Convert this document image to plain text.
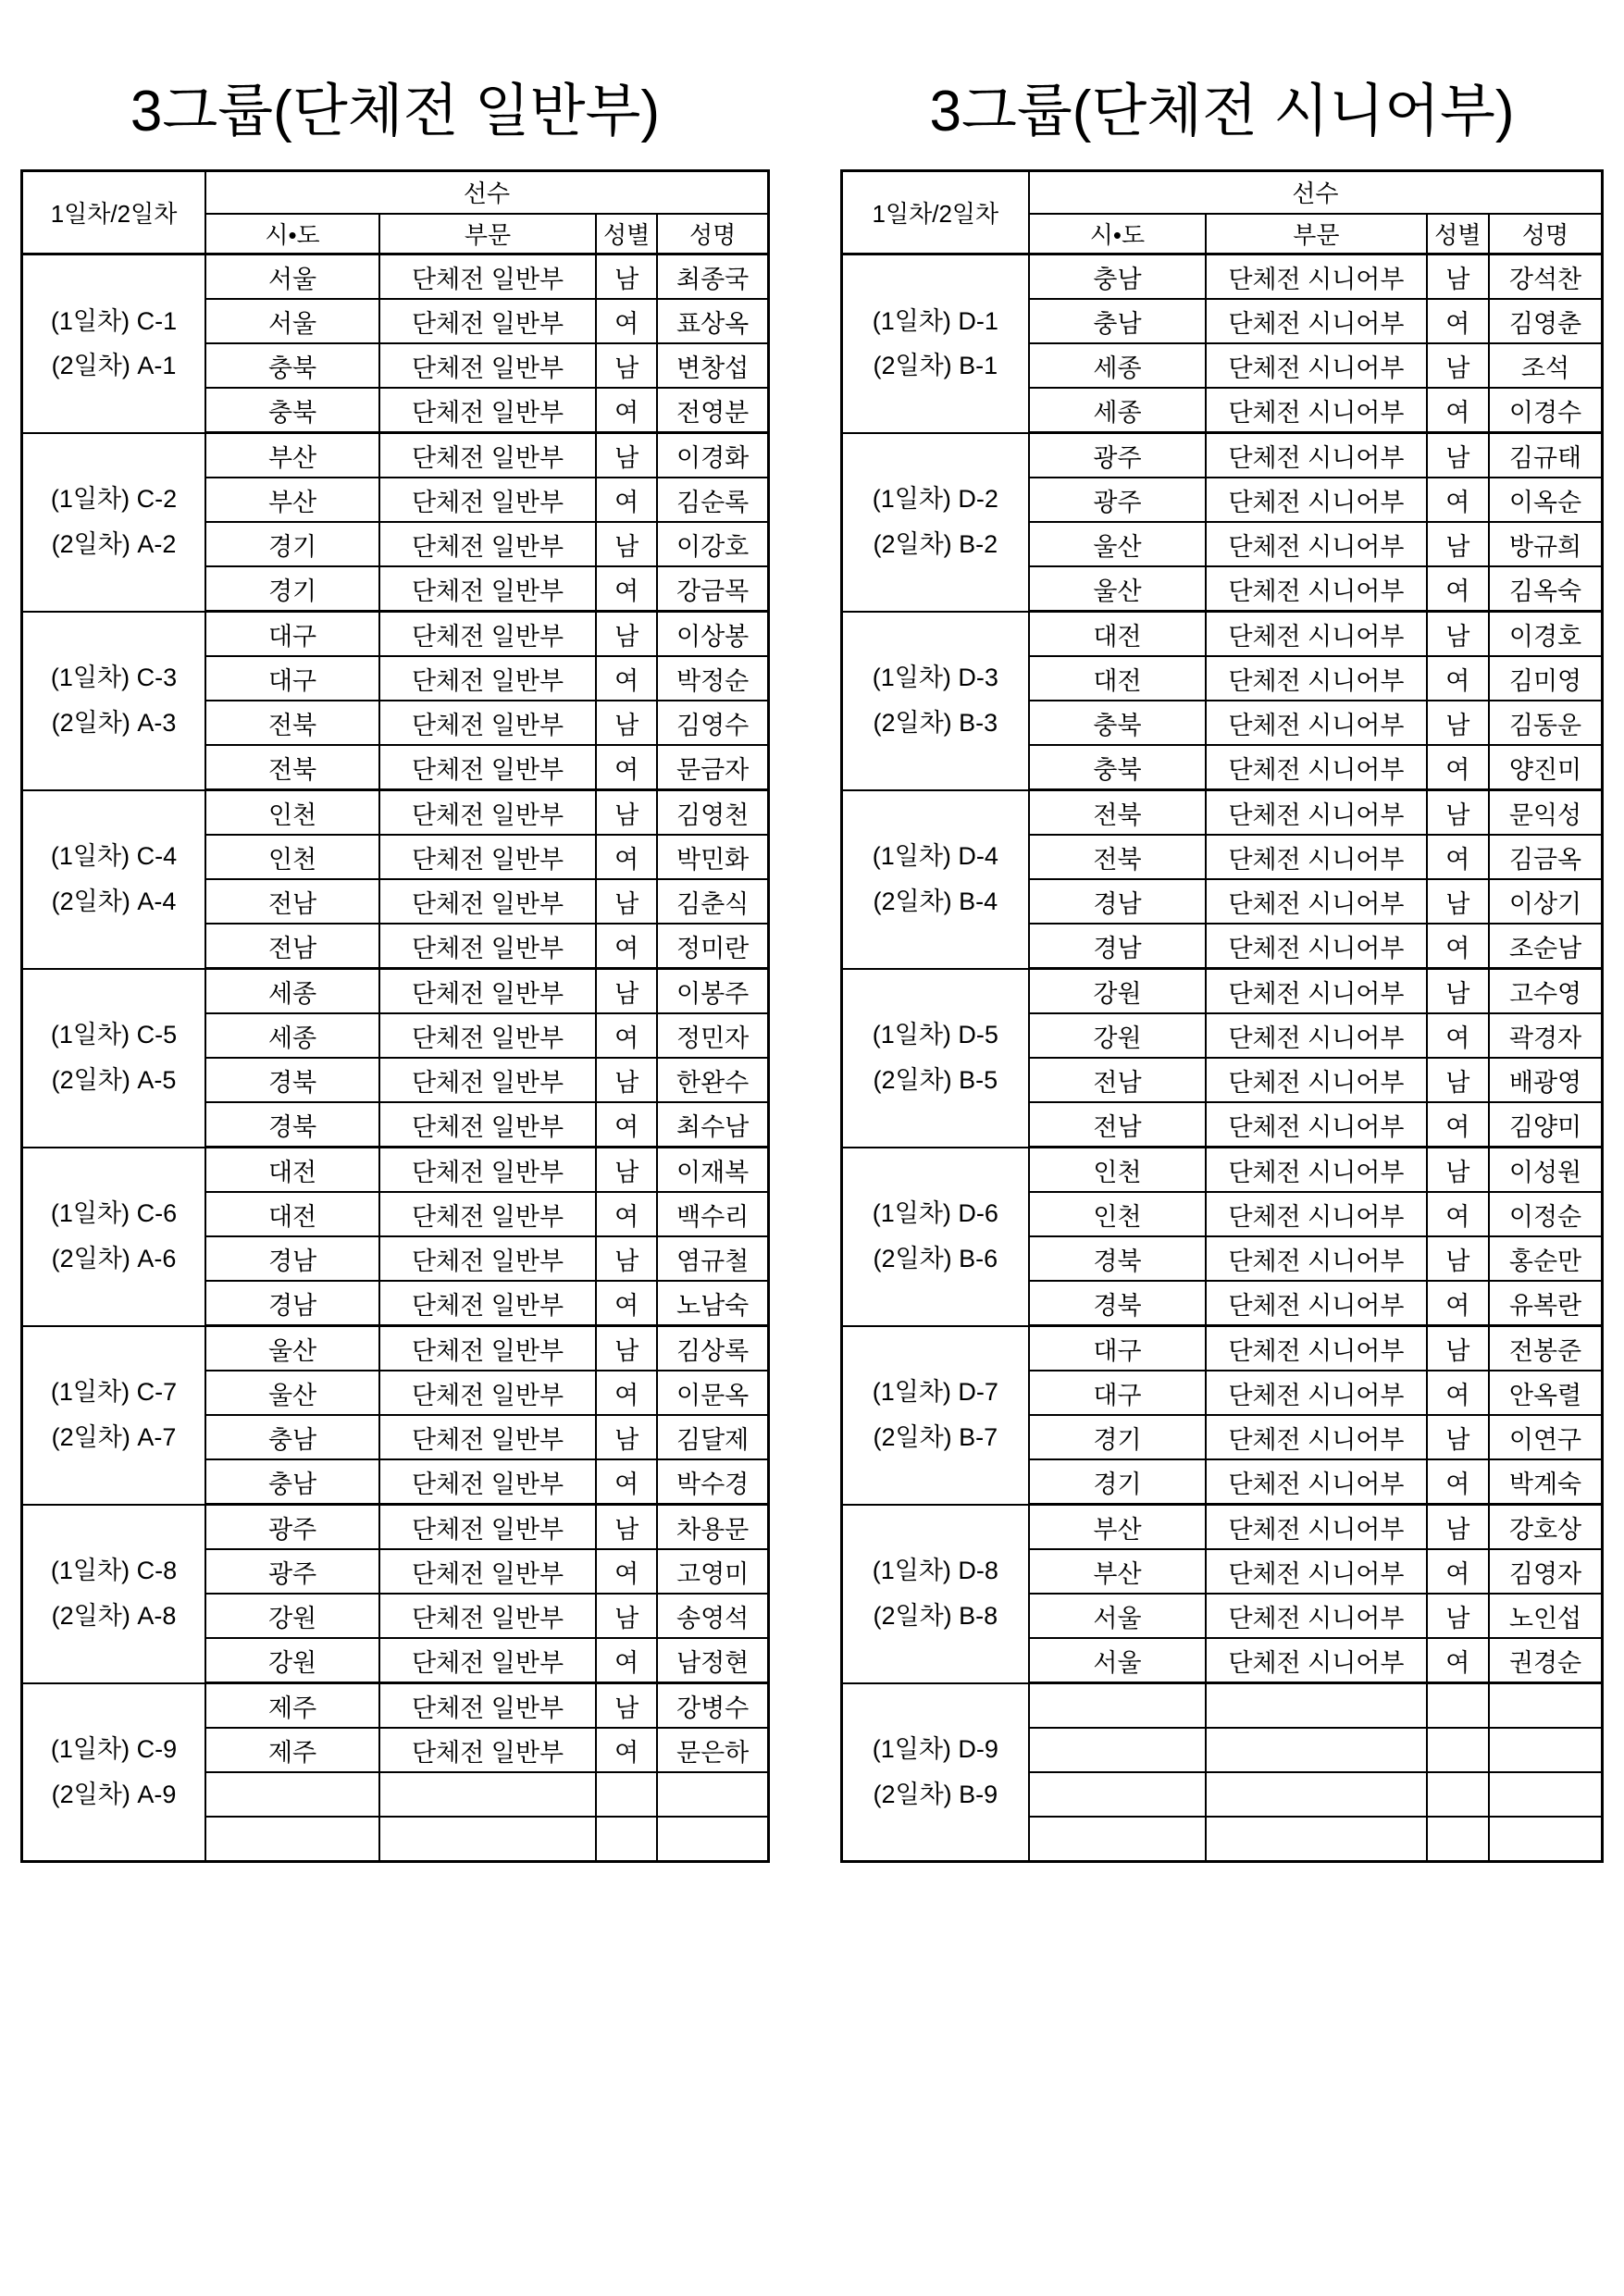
3그룹(단체전 일반부)
1일차/2일차	선수			
	시•도	부문	성별	성명

(1일차) C-1
(2일차) A-1	서울	단체전 일반부	남	최종국
	서울	단체전 일반부	여	표상옥
	충북	단체전 일반부	남	변창섭
	충북	단체전 일반부	여	전영분

(1일차) C-2
(2일차) A-2	부산	단체전 일반부	남	이경화
	부산	단체전 일반부	여	김순록
	경기	단체전 일반부	남	이강호
	경기	단체전 일반부	여	강금목

(1일차) C-3
(2일차) A-3	대구	단체전 일반부	남	이상봉
	대구	단체전 일반부	여	박정순
	전북	단체전 일반부	남	김영수
	전북	단체전 일반부	여	문금자

(1일차) C-4
(2일차) A-4	인천	단체전 일반부	남	김영천
	인천	단체전 일반부	여	박민화
	전남	단체전 일반부	남	김춘식
	전남	단체전 일반부	여	정미란

(1일차) C-5
(2일차) A-5	세종	단체전 일반부	남	이봉주
	세종	단체전 일반부	여	정민자
	경북	단체전 일반부	남	한완수
	경북	단체전 일반부	여	최수남

(1일차) C-6
(2일차) A-6	대전	단체전 일반부	남	이재복
	대전	단체전 일반부	여	백수리
	경남	단체전 일반부	남	염규철
	경남	단체전 일반부	여	노남숙

(1일차) C-7
(2일차) A-7	울산	단체전 일반부	남	김상록
	울산	단체전 일반부	여	이문옥
	충남	단체전 일반부	남	김달제
	충남	단체전 일반부	여	박수경

(1일차) C-8
(2일차) A-8	광주	단체전 일반부	남	차용문
	광주	단체전 일반부	여	고영미
	강원	단체전 일반부	남	송영석
	강원	단체전 일반부	여	남정현

(1일차) C-9
(2일차) A-9	제주	단체전 일반부	남	강병수
	제주	단체전 일반부	여	문은하

3그룹(단체전 시니어부)
1일차/2일차	선수			
	시•도	부문	성별	성명

(1일차) D-1
(2일차) B-1	충남	단체전 시니어부	남	강석찬
	충남	단체전 시니어부	여	김영춘
	세종	단체전 시니어부	남	조석
	세종	단체전 시니어부	여	이경수

(1일차) D-2
(2일차) B-2	광주	단체전 시니어부	남	김규태
	광주	단체전 시니어부	여	이옥순
	울산	단체전 시니어부	남	방규희
	울산	단체전 시니어부	여	김옥숙

(1일차) D-3
(2일차) B-3	대전	단체전 시니어부	남	이경호
	대전	단체전 시니어부	여	김미영
	충북	단체전 시니어부	남	김동운
	충북	단체전 시니어부	여	양진미

(1일차) D-4
(2일차) B-4	전북	단체전 시니어부	남	문익성
	전북	단체전 시니어부	여	김금옥
	경남	단체전 시니어부	남	이상기
	경남	단체전 시니어부	여	조순남

(1일차) D-5
(2일차) B-5	강원	단체전 시니어부	남	고수영
	강원	단체전 시니어부	여	곽경자
	전남	단체전 시니어부	남	배광영
	전남	단체전 시니어부	여	김양미

(1일차) D-6
(2일차) B-6	인천	단체전 시니어부	남	이성원
	인천	단체전 시니어부	여	이정순
	경북	단체전 시니어부	남	홍순만
	경북	단체전 시니어부	여	유복란

(1일차) D-7
(2일차) B-7	대구	단체전 시니어부	남	전봉준
	대구	단체전 시니어부	여	안옥렬
	경기	단체전 시니어부	남	이연구
	경기	단체전 시니어부	여	박계숙

(1일차) D-8
(2일차) B-8	부산	단체전 시니어부	남	강호상
	부산	단체전 시니어부	여	김영자
	서울	단체전 시니어부	남	노인섭
	서울	단체전 시니어부	여	권경순

(1일차) D-9
(2일차) B-9				
